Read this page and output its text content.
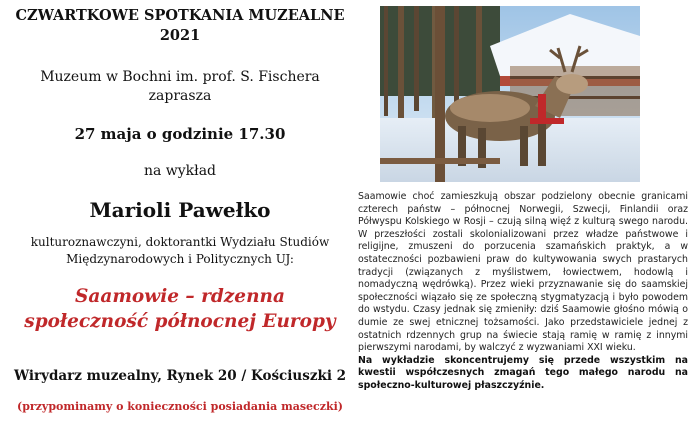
CZWARTKOWE SPOTKANIA MUZEALNE
2021
Muzeum w Bochni im. prof. S. Fischera
zaprasza
27 maja o godzinie 17.30
na wykład
Marioli Pawełko
kulturoznawczyni, doktorantki Wydziału Studiów
Międzynarodowych i Politycznych UJ:
Saamowie – rdzenna
społeczność północnej Europy
Wirydarz muzealny, Rynek 20 / Kościuszki 2
(przypominamy o konieczności posiadania maseczki)

Saamowie choć zamieszkują obszar podzielony obecnie granicami czterech państw – północnej Norwegii, Szwecji, Finlandii oraz Półwyspu Kolskiego w Rosji – czują silną więź z kulturą swego narodu. W przeszłości zostali skolonializowani przez władze państwowe i religijne, zmuszeni do porzucenia szamańskich praktyk, a w ostateczności pozbawieni praw do kultywowania swych prastarych tradycji (związanych z myślistwem, łowiectwem, hodowlą i nomadyczną wędrówką). Przez wieki przyznawanie się do saamskiej społeczności wiązało się ze społeczną stygmatyzacją i było powodem do wstydu. Czasy jednak się zmieniły: dziś Saamowie głośno mówią o dumie ze swej etnicznej tożsamości. Jako przedstawiciele jednej z ostatnich rdzennych grup na świecie stają ramię w ramię z innymi pierwszymi narodami, by walczyć z wyzwaniami XXI wieku.

Na wykładzie skoncentrujemy się przede wszystkim na kwestii współczesnych zmagań tego małego narodu na społeczno-kulturowej płaszczyźnie.
